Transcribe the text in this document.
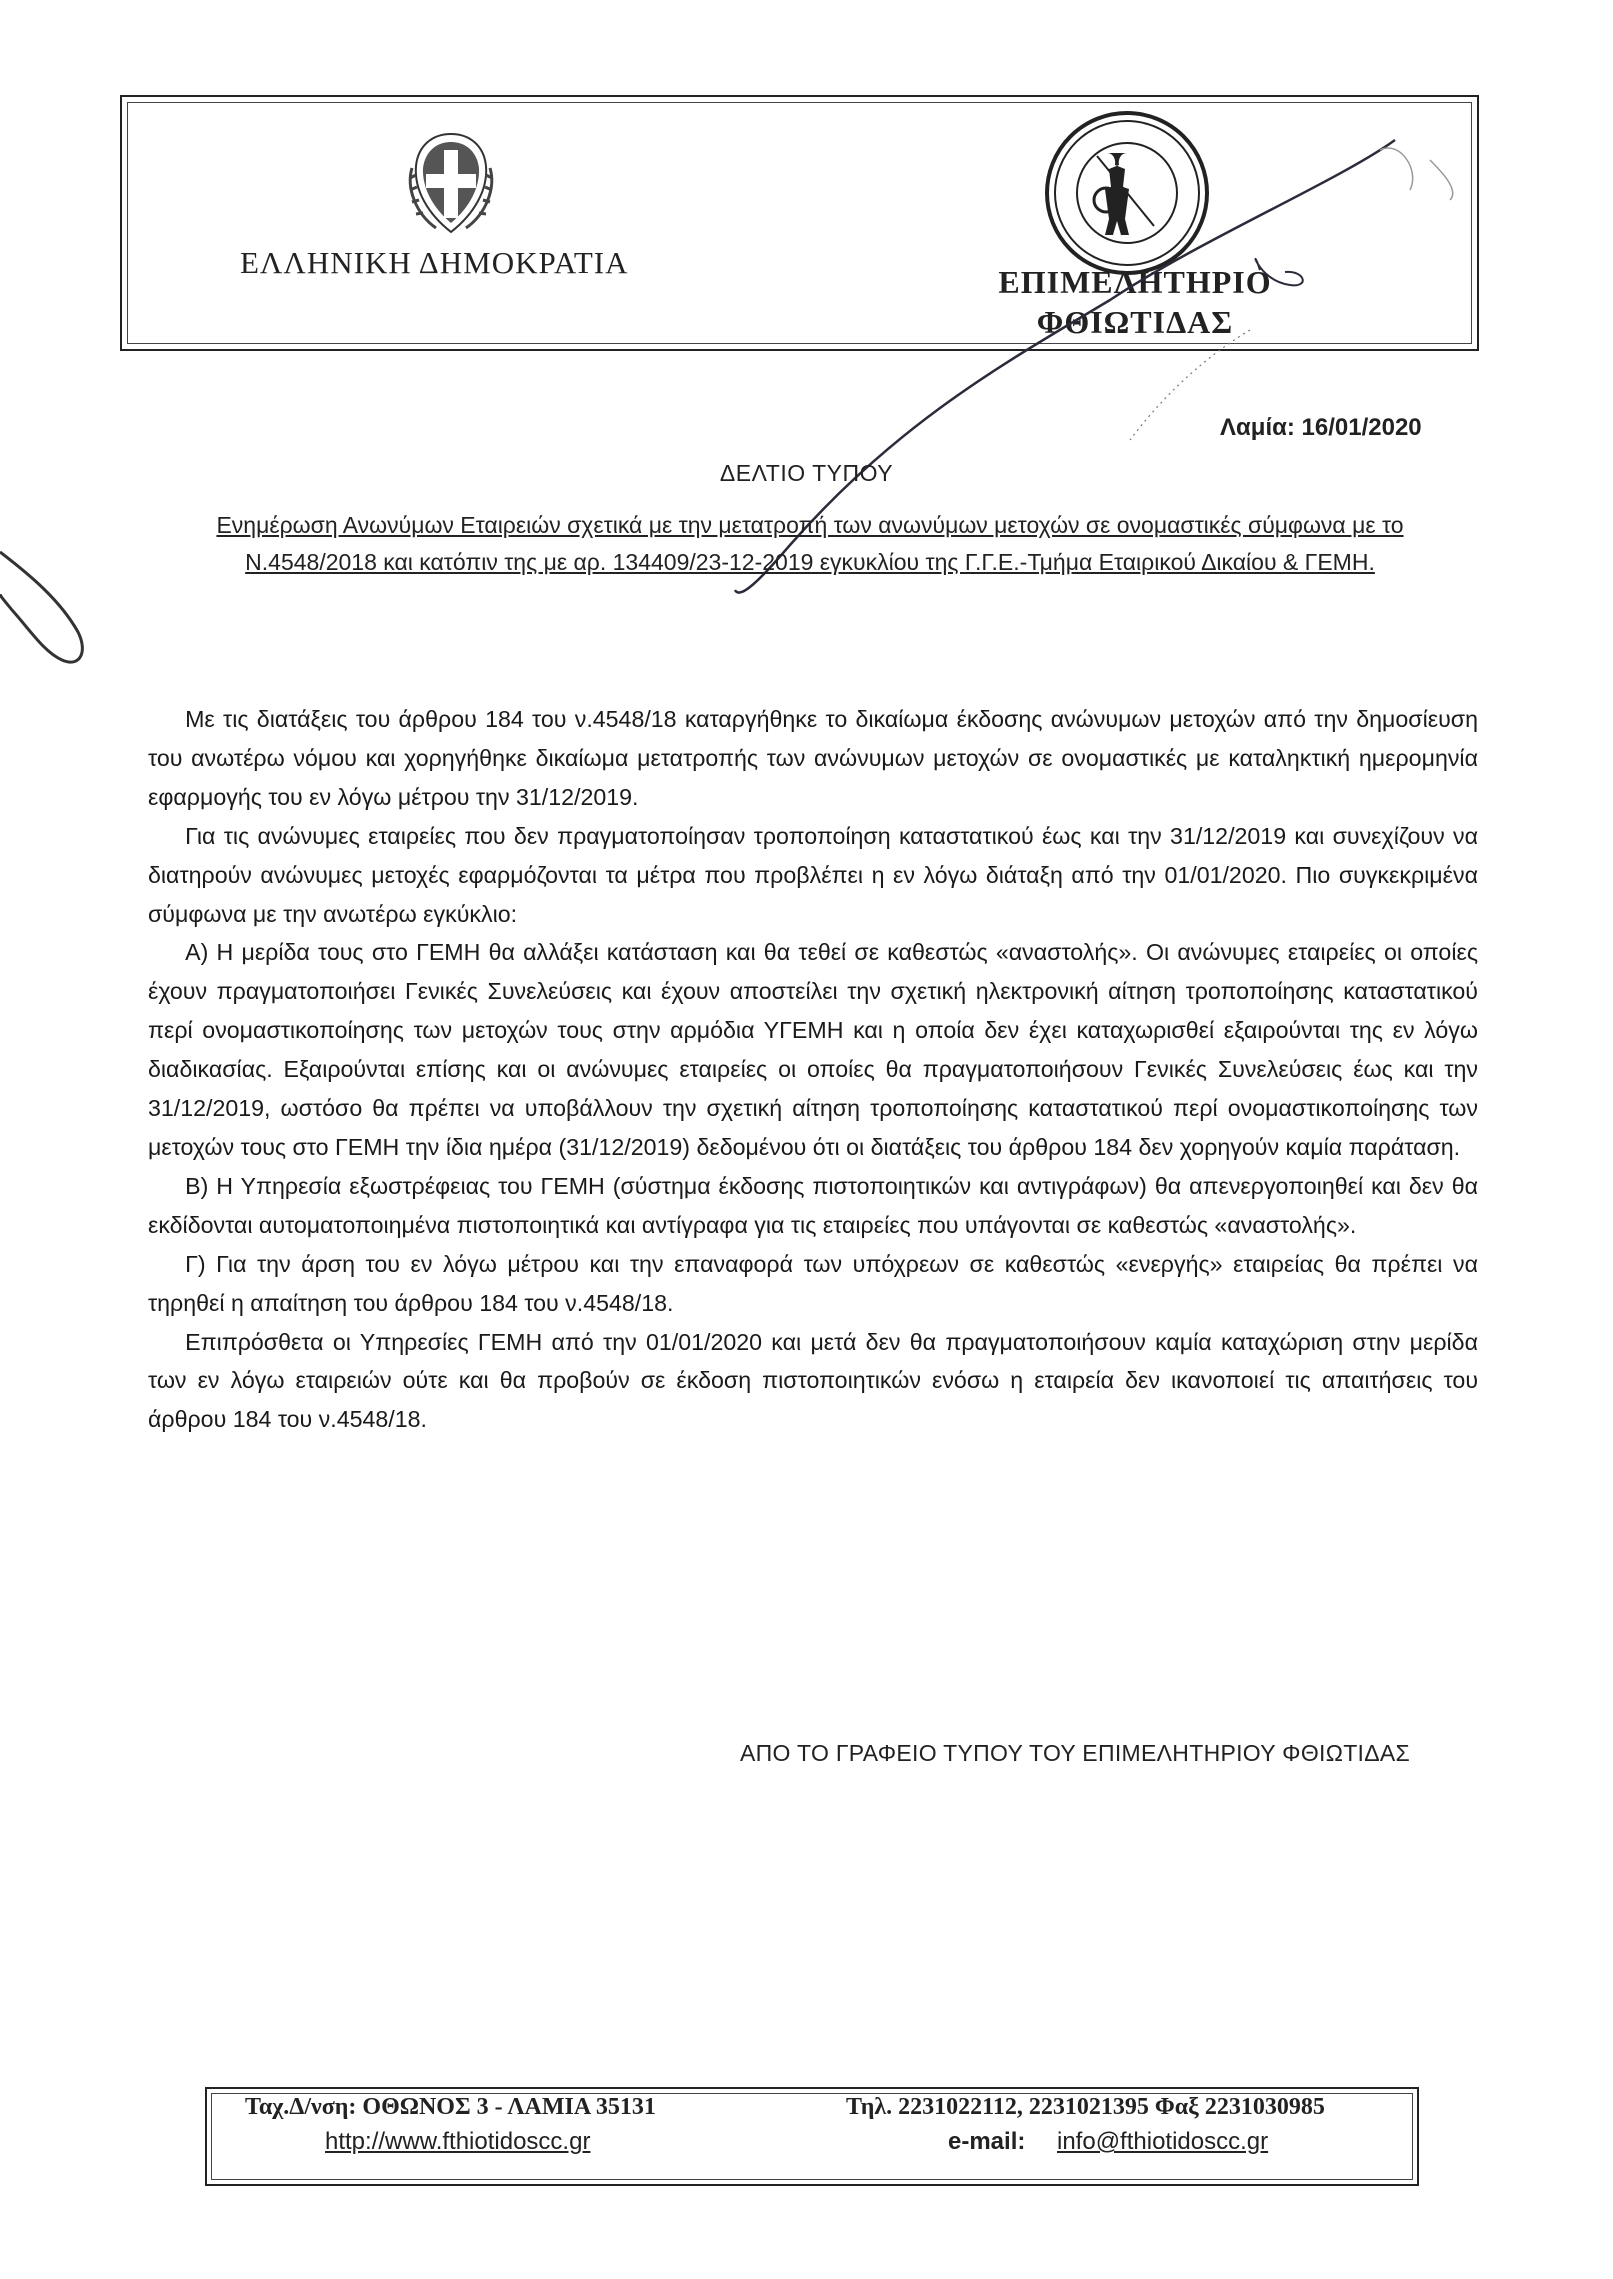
ΕΛΛΗΝΙΚΗ ΔΗΜΟΚΡΑΤΙΑ
ΕΠΙΜΕΛΗΤΗΡΙΟ
ΦΘΙΩΤΙΔΑΣ
Λαμία: 16/01/2020
ΔΕΛΤΙΟ ΤΥΠΟΥ
Ενημέρωση Ανωνύμων Εταιρειών σχετικά με την μετατροπή των ανωνύμων μετοχών σε ονομαστικές σύμφωνα με το Ν.4548/2018 και κατόπιν της με αρ. 134409/23-12-2019 εγκυκλίου της Γ.Γ.Ε.-Τμήμα Εταιρικού Δικαίου & ΓΕΜΗ.

Με τις διατάξεις του άρθρου 184 του ν.4548/18 καταργήθηκε το δικαίωμα έκδοσης ανώνυμων μετοχών από την δημοσίευση του ανωτέρω νόμου και χορηγήθηκε δικαίωμα μετατροπής των ανώνυμων μετοχών σε ονομαστικές με καταληκτική ημερομηνία εφαρμογής του εν λόγω μέτρου την 31/12/2019.

Για τις ανώνυμες εταιρείες που δεν πραγματοποίησαν τροποποίηση καταστατικού έως και την 31/12/2019 και συνεχίζουν να διατηρούν ανώνυμες μετοχές εφαρμόζονται τα μέτρα που προβλέπει η εν λόγω διάταξη από την 01/01/2020. Πιο συγκεκριμένα σύμφωνα με την ανωτέρω εγκύκλιο:

Α) Η μερίδα τους στο ΓΕΜΗ θα αλλάξει κατάσταση και θα τεθεί σε καθεστώς «αναστολής». Οι ανώνυμες εταιρείες οι οποίες έχουν πραγματοποιήσει Γενικές Συνελεύσεις και έχουν αποστείλει την σχετική ηλεκτρονική αίτηση τροποποίησης καταστατικού περί ονομαστικοποίησης των μετοχών τους στην αρμόδια ΥΓΕΜΗ και η οποία δεν έχει καταχωρισθεί εξαιρούνται της εν λόγω διαδικασίας. Εξαιρούνται επίσης και οι ανώνυμες εταιρείες οι οποίες θα πραγματοποιήσουν Γενικές Συνελεύσεις έως και την 31/12/2019, ωστόσο θα πρέπει να υποβάλλουν την σχετική αίτηση τροποποίησης καταστατικού περί ονομαστικοποίησης των μετοχών τους στο ΓΕΜΗ την ίδια ημέρα (31/12/2019) δεδομένου ότι οι διατάξεις του άρθρου 184 δεν χορηγούν καμία παράταση.

Β) Η Υπηρεσία εξωστρέφειας του ΓΕΜΗ (σύστημα έκδοσης πιστοποιητικών και αντιγράφων) θα απενεργοποιηθεί και δεν θα εκδίδονται αυτοματοποιημένα πιστοποιητικά και αντίγραφα για τις εταιρείες που υπάγονται σε καθεστώς «αναστολής».

Γ) Για την άρση του εν λόγω μέτρου και την επαναφορά των υπόχρεων σε καθεστώς «ενεργής» εταιρείας θα πρέπει να τηρηθεί η απαίτηση του άρθρου 184 του ν.4548/18.

Επιπρόσθετα οι Υπηρεσίες ΓΕΜΗ από την 01/01/2020 και μετά δεν θα πραγματοποιήσουν καμία καταχώριση στην μερίδα των εν λόγω εταιρειών ούτε και θα προβούν σε έκδοση πιστοποιητικών ενόσω η εταιρεία δεν ικανοποιεί τις απαιτήσεις του άρθρου 184 του ν.4548/18.

ΑΠΟ ΤΟ ΓΡΑΦΕΙΟ ΤΥΠΟΥ ΤΟΥ ΕΠΙΜΕΛΗΤΗΡΙΟΥ ΦΘΙΩΤΙΔΑΣ
Ταχ.Δ/νση: ΟΘΩΝΟΣ 3 - ΛΑΜΙΑ 35131	Τηλ. 2231022112, 2231021395 Φαξ 2231030985
http://www.fthiotidoscc.gr	e-mail: info@fthiotidoscc.gr
